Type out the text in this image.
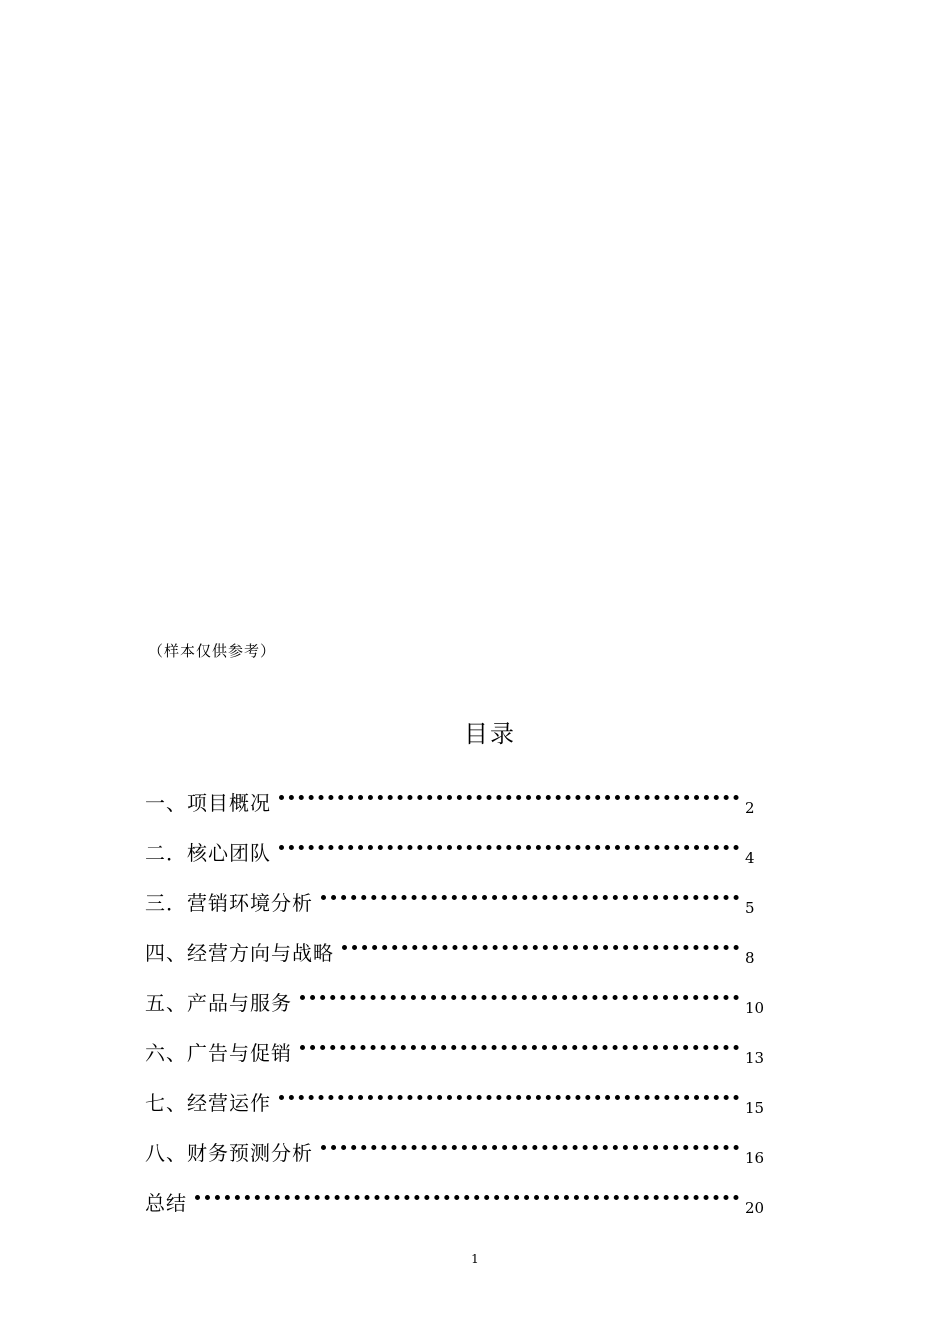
（样本仅供参考）
目录
一、项目概况	2
二．核心团队	4
三．营销环境分析	5
四、经营方向与战略	8
五、产品与服务	10
六、广告与促销	13
七、经营运作	15
八、财务预测分析	16
总结	20
1
